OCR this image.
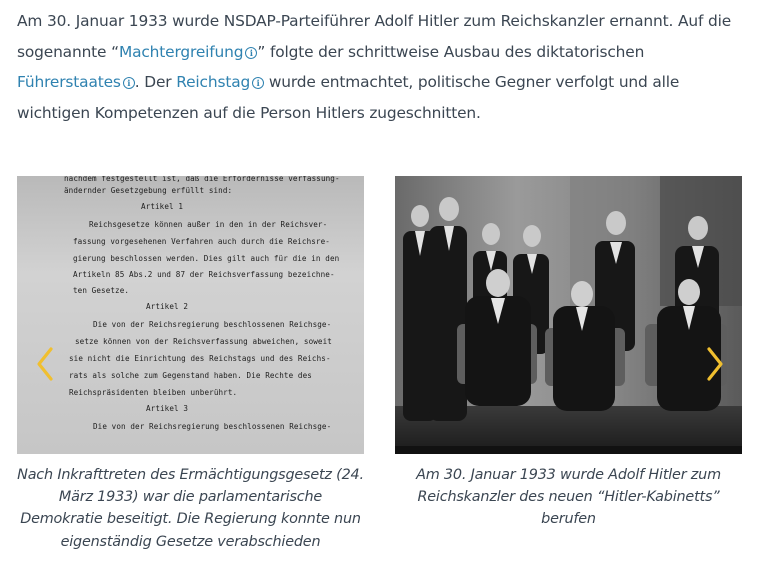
Am 30. Januar 1933 wurde NSDAP-Parteiführer Adolf Hitler zum Reichskanzler ernannt. Auf die sogenannte “Machtergreifung i ” folgte der schrittweise Ausbau des diktatorischen Führerstaates i . Der Reichstag i wurde entmachtet, politische Gegner verfolgt und alle wichtigen Kompetenzen auf die Person Hitlers zugeschnitten.

nachdem festgestellt ist, daß die Erfordernisse verfassung-
ändernder Gesetzgebung erfüllt sind:
Artikel 1
Reichsgesetze können außer in den in der Reichsver-
fassung vorgesehenen Verfahren auch durch die Reichsre-
gierung beschlossen werden. Dies gilt auch für die in den
Artikeln 85 Abs.2 und 87 der Reichsverfassung bezeichne-
ten Gesetze.
Artikel 2
Die von der Reichsregierung beschlossenen Reichsge-
setze können von der Reichsverfassung abweichen, soweit
sie nicht die Einrichtung des Reichstags und des Reichs-
rats als solche zum Gegenstand haben. Die Rechte des
Reichspräsidenten bleiben unberührt.
Artikel 3
Die von der Reichsregierung beschlossenen Reichsge-
Nach Inkrafttreten des Ermächtigungsgesetz (24. März 1933) war die parlamentarische Demokratie beseitigt. Die Regierung konnte nun eigenständig Gesetze verabschieden
Am 30. Januar 1933 wurde Adolf Hitler zum Reichskanzler des neuen “Hitler-Kabinetts” berufen
